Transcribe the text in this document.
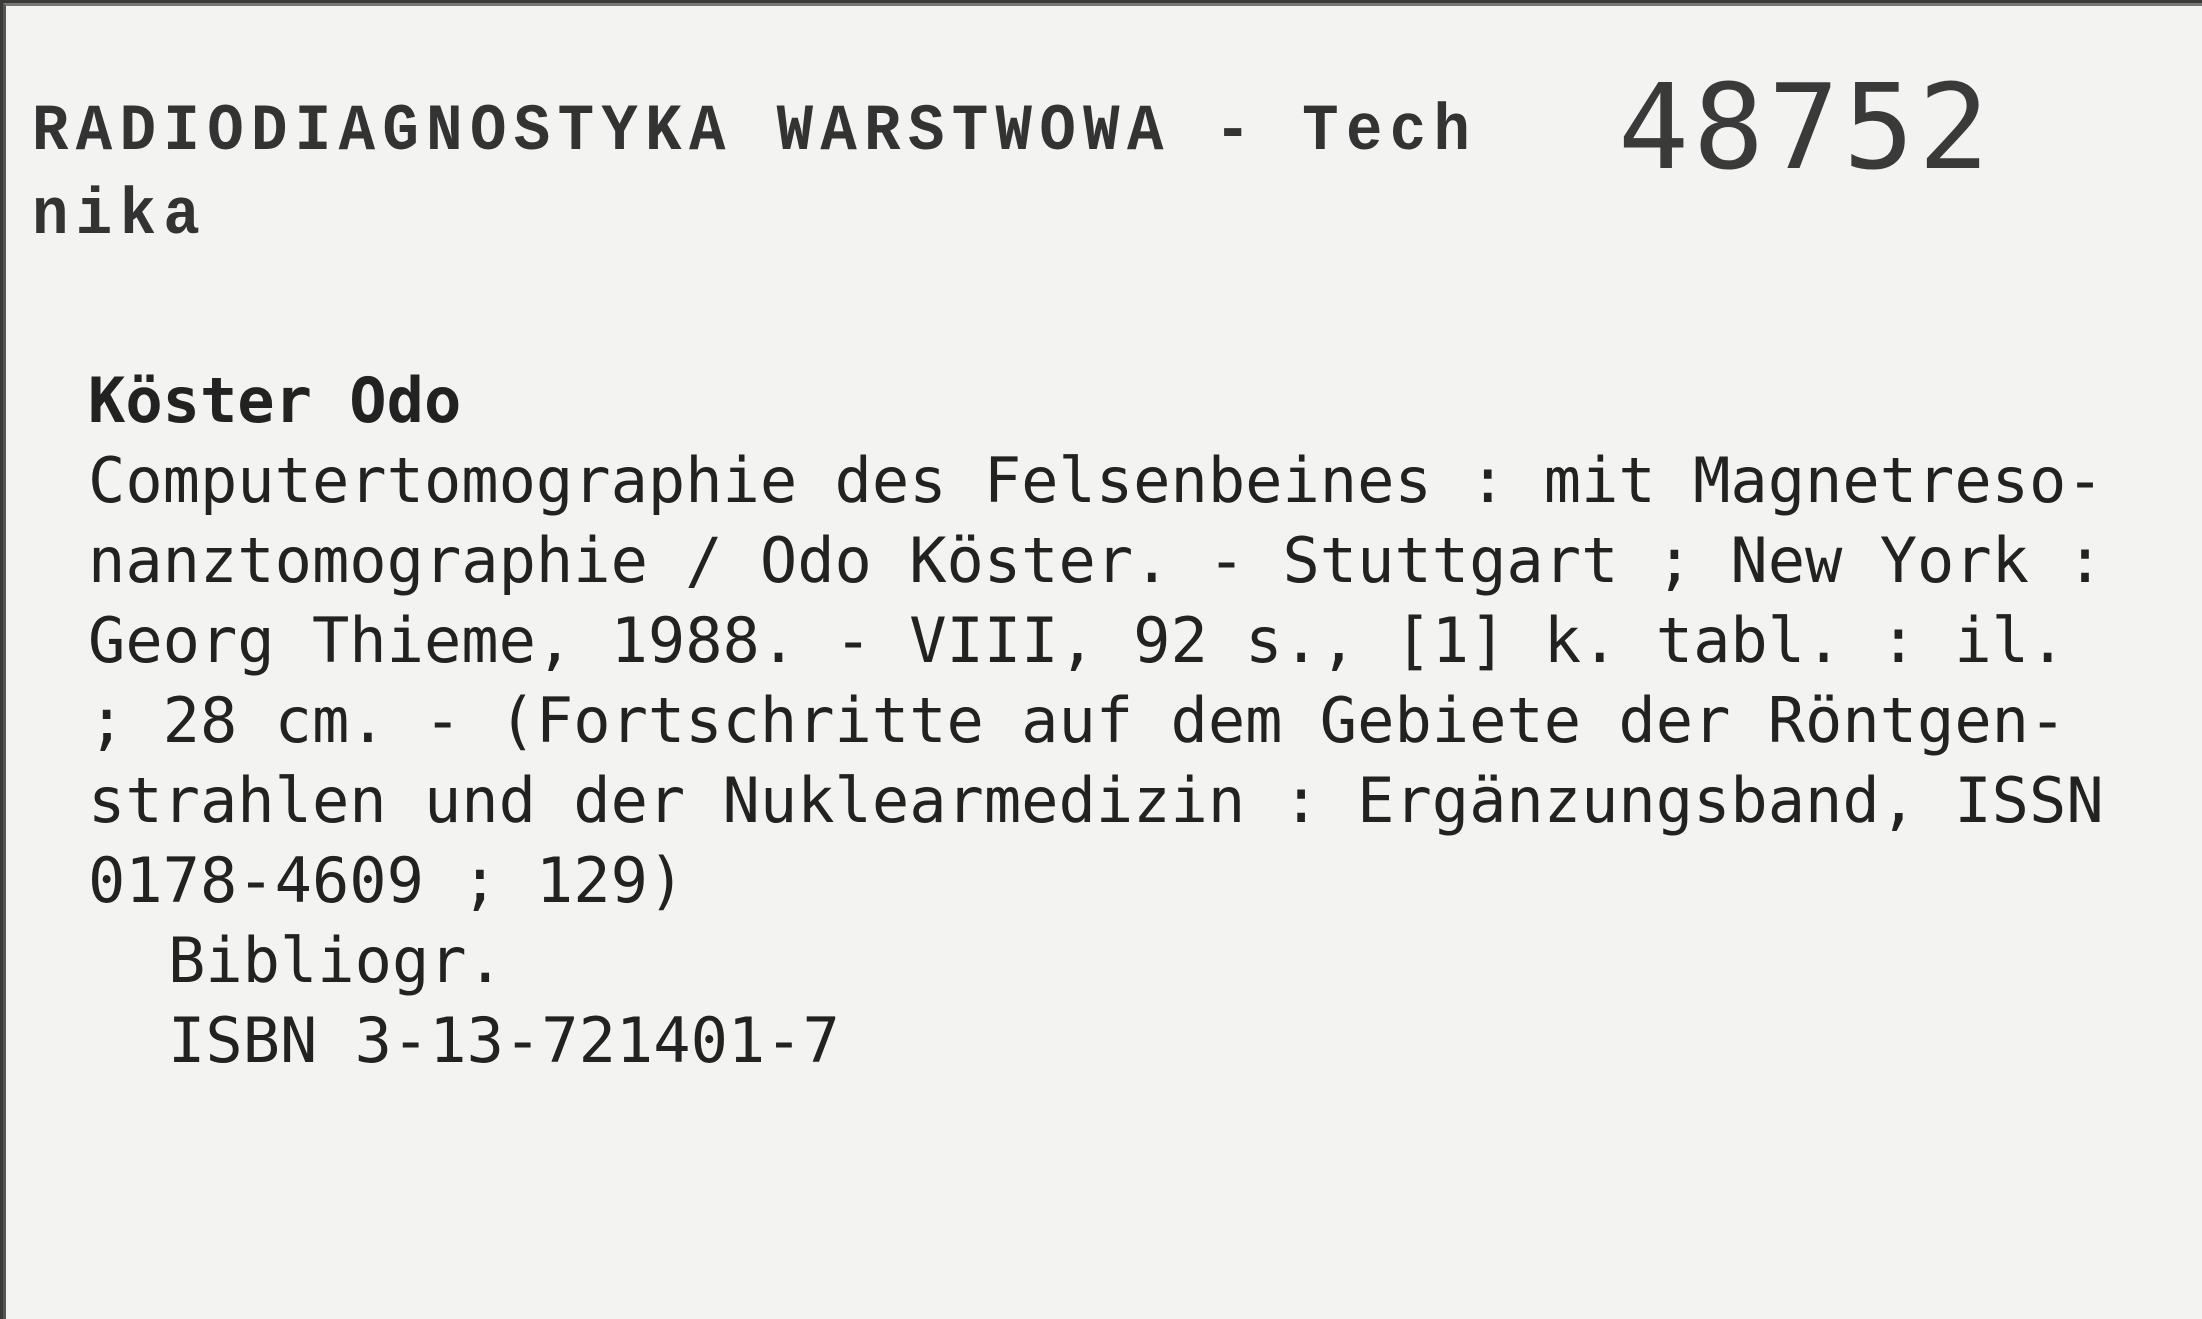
RADIODIAGNOSTYKA WARSTWOWA - Tech
nika
48752
Köster Odo
Computertomographie des Felsenbeines : mit Magnetreso-
nanztomographie / Odo Köster. - Stuttgart ; New York :
Georg Thieme, 1988. - VIII, 92 s., [1] k. tabl. : il.
; 28 cm. - (Fortschritte auf dem Gebiete der Röntgen-
strahlen und der Nuklearmedizin : Ergänzungsband, ISSN
0178-4609 ; 129)
Bibliogr.
ISBN 3-13-721401-7
